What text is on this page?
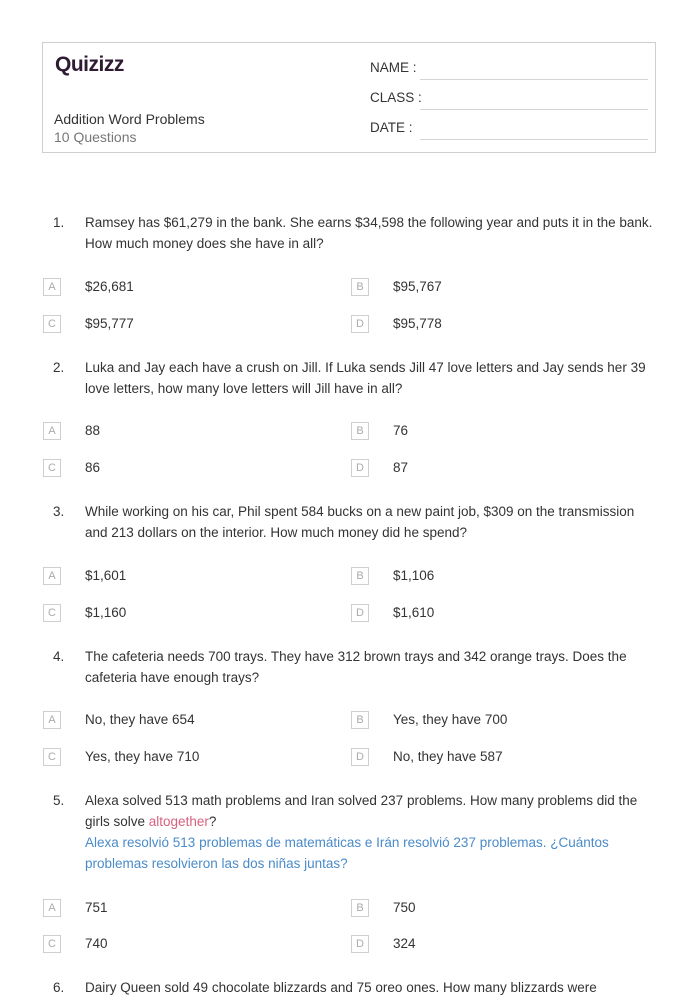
Quizizz
Addition Word Problems
10 Questions
NAME :
CLASS :
DATE :
1.	Ramsey has $61,279 in the bank. She earns $34,598 the following year and puts it in the bank. How much money does she have in all?
A	$26,681	B	$95,767
C	$95,777	D	$95,778
2.	Luka and Jay each have a crush on Jill. If Luka sends Jill 47 love letters and Jay sends her 39 love letters, how many love letters will Jill have in all?
A	88	B	76
C	86	D	87
3.	While working on his car, Phil spent 584 bucks on a new paint job, $309 on the transmission and 213 dollars on the interior. How much money did he spend?
A	$1,601	B	$1,106
C	$1,160	D	$1,610
4.	The cafeteria needs 700 trays. They have 312 brown trays and 342 orange trays. Does the cafeteria have enough trays?
A	No, they have 654	B	Yes, they have 700
C	Yes, they have 710	D	No, they have 587
5.	Alexa solved 513 math problems and Iran solved 237 problems. How many problems did the girls solve altogether?
Alexa resolvió 513 problemas de matemáticas e Irán resolvió 237 problemas. ¿Cuántos problemas resolvieron las dos niñas juntas?
A	751	B	750
C	740	D	324
6.	Dairy Queen sold 49 chocolate blizzards and 75 oreo ones. How many blizzards were
